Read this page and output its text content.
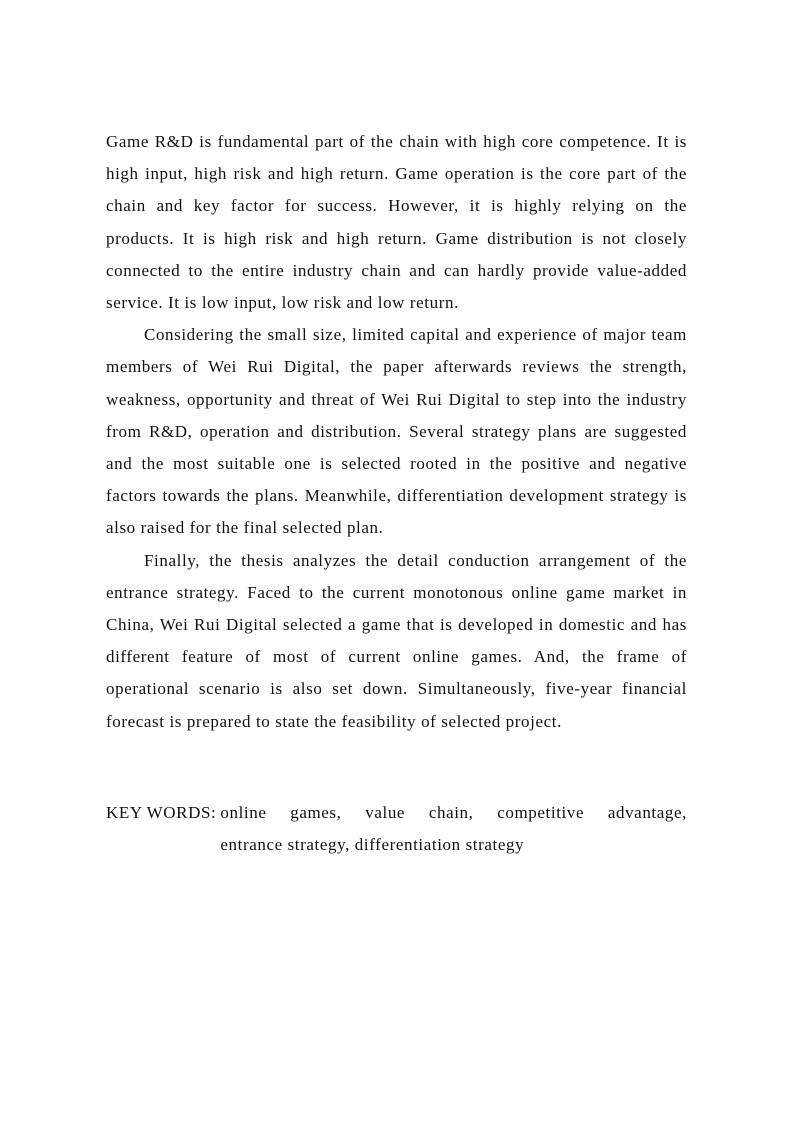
Game R&D is fundamental part of the chain with high core competence. It is high input, high risk and high return. Game operation is the core part of the chain and key factor for success. However, it is highly relying on the products. It is high risk and high return. Game distribution is not closely connected to the entire industry chain and can hardly provide value-added service. It is low input, low risk and low return.

Considering the small size, limited capital and experience of major team members of Wei Rui Digital, the paper afterwards reviews the strength, weakness, opportunity and threat of Wei Rui Digital to step into the industry from R&D, operation and distribution. Several strategy plans are suggested and the most suitable one is selected rooted in the positive and negative factors towards the plans. Meanwhile, differentiation development strategy is also raised for the final selected plan.

Finally, the thesis analyzes the detail conduction arrangement of the entrance strategy. Faced to the current monotonous online game market in China, Wei Rui Digital selected a game that is developed in domestic and has different feature of most of current online games. And, the frame of operational scenario is also set down. Simultaneously, five-year financial forecast is prepared to state the feasibility of selected project.

KEY WORDS: online games, value chain, competitive advantage,
entrance strategy, differentiation strategy
